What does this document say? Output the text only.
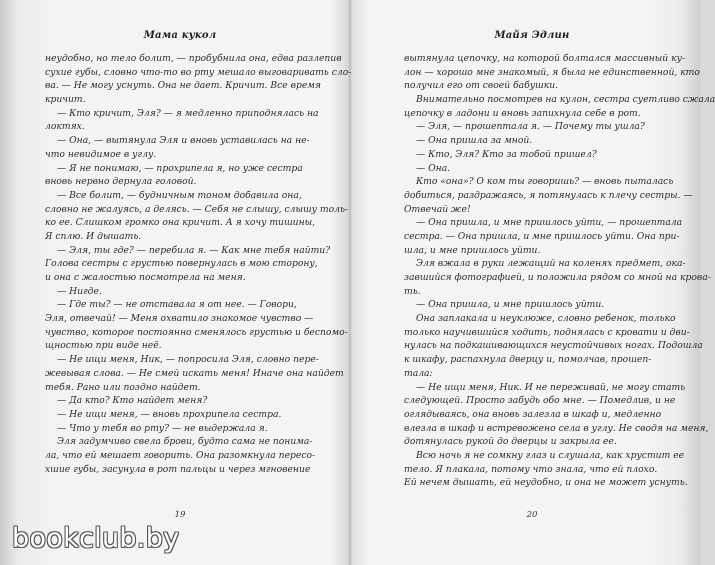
Мама кукол
неудобно, но тело болит, — пробубнила она, едва разлепив
сухие губы, словно что-то во рту мешало выговаривать сло-
ва. — Не могу уснуть. Она не дает. Кричит. Все время
кричит.
— Кто кричит, Эля? — я медленно приподнялась на
локтях.
— Она, — вытянула Эля и вновь уставилась на не-
что невидимое в углу.
— Я не понимаю, — прохрипела я, но уже сестра
вновь нервно дернула головой.
— Все болит, — будничным тоном добавила она,
словно не жалуясь, а делясь. — Себя не слышу, слышу толь-
ко ее. Слишком громко она кричит. А я хочу тишины,
Я сплю. И дышать.
— Эля, ты где? — перебила я. — Как мне тебя найти?
Голова сестры с грустью повернулась в мою сторону,
и она с жалостью посмотрела на меня.
— Нигде.
— Где ты? — не отставала я от нее. — Говори,
Эля, отвечай! — Меня охватило знакомое чувство —
чувство, которое постоянно сменялось грустью и беспомо-
щностью при виде неё.
— Не ищи меня, Ник, — попросила Эля, словно пере-
жевывая слова. — Не смей искать меня! Иначе она найдет
тебя. Рано или поздно найдет.
— Да кто? Кто найдет меня?
— Не ищи меня, — вновь прохрипела сестра.
— Что у тебя во рту? — не выдержала я.
Эля задумчиво свела брови, будто сама не понима-
ла, что ей мешает говорить. Она разомкнула пересо-
хшие губы, засунула в рот пальцы и через мгновение
19
Майя Эдлин
вытянула цепочку, на которой болтался массивный ку-
лон — хорошо мне знакомый, я была не единственной, кто
получил его от своей бабушки.
Внимательно посмотрев на кулон, сестра суетливо сжала
цепочку в ладони и вновь запихнула себе в рот.
— Эля, — прошептала я. — Почему ты ушла?
— Она пришла за мной.
— Кто, Эля? Кто за тобой пришел?
— Она.
Кто «она»? О ком ты говоришь? — вновь пыталась
добиться, раздражаясь, я потянулась к плечу сестры. —
Отвечай же!
— Она пришла, и мне пришлось уйти, — прошептала
сестра. — Она пришла, и мне пришлось уйти. Она при-
шла, и мне пришлось уйти.
Эля вжала в руки лежащий на коленях предмет, ока-
завшийся фотографией, и положила рядом со мной на крова-
ть.
— Она пришла, и мне пришлось уйти.
Она заплакала и неуклюже, словно ребенок, только
только научившийся ходить, поднялась с кровати и дви-
нулась на подкашивающихся неустойчивых ногах. Подошла
к шкафу, распахнула дверцу и, помолчав, прошеп-
тала:
— Не ищи меня, Ник. И не переживай, не могу стать
следующей. Просто забудь обо мне. — Помедлив, и не
оглядываясь, она вновь залезла в шкаф и, медленно
влезла в шкаф и встревожено села в углу. Не сводя на меня,
дотянулась рукой до дверцы и закрыла ее.
Всю ночь я не сомкну глаз и слушала, как хрустит ее
тело. Я плакала, потому что знала, что ей плохо.
Ей нечем дышать, ей неудобно, и она не может уснуть.
20
bookclub.by
